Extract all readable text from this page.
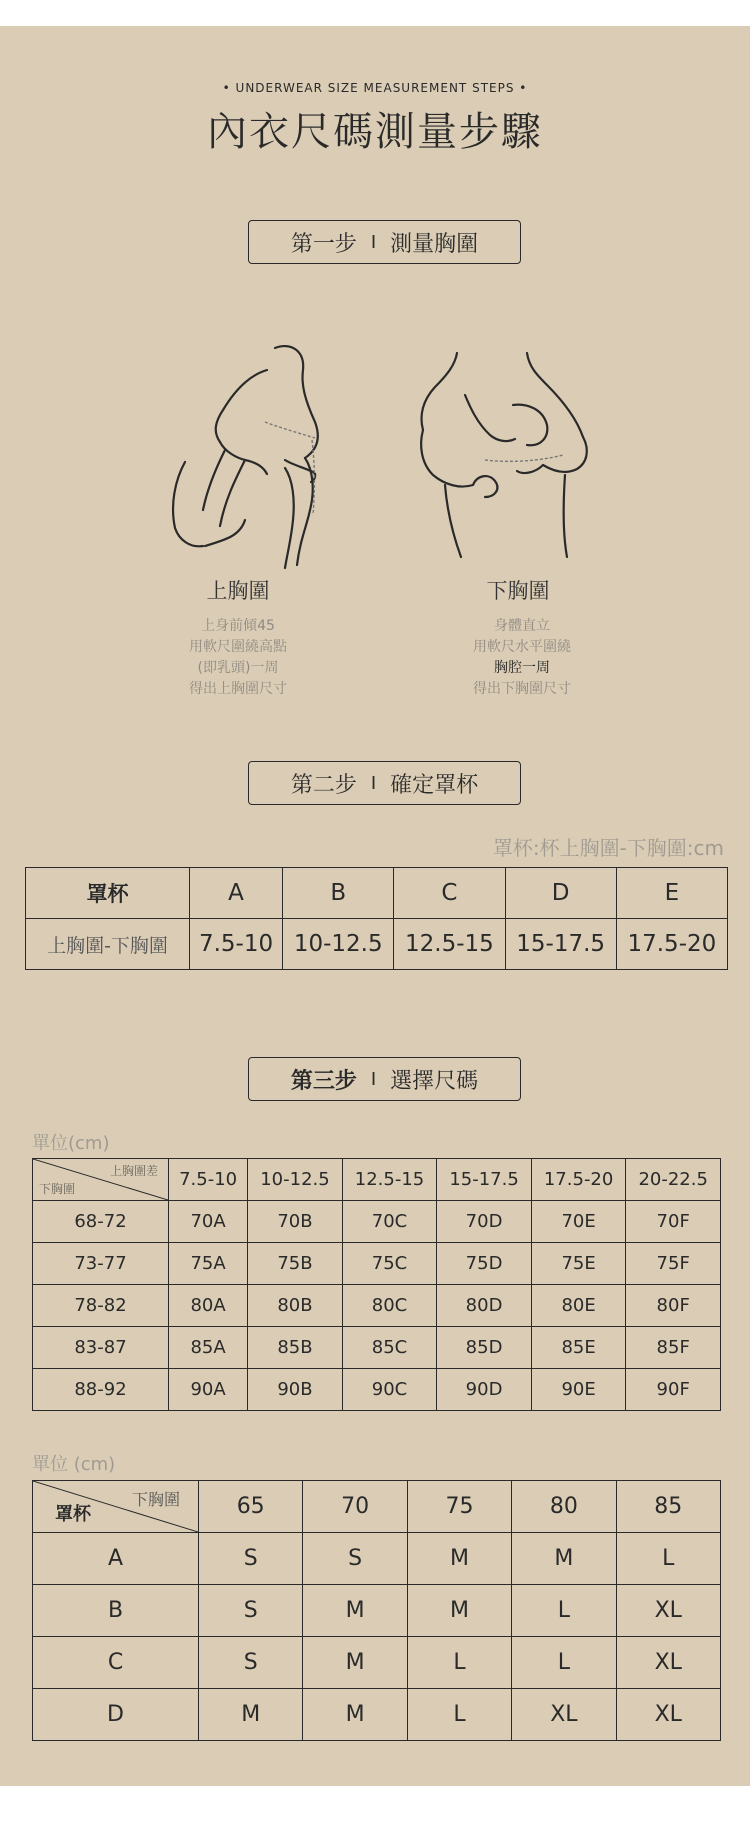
• UNDERWEAR SIZE MEASUREMENT STEPS •
內衣尺碼測量步驟
第一步 I 測量胸圍
上胸圍
上身前傾45
用軟尺圍繞高點
(即乳頭)一周
得出上胸圍尺寸
下胸圍
身體直立
用軟尺水平圍繞
胸腔一周
得出下胸圍尺寸
第二步 I 確定罩杯
罩杯:杯上胸圍-下胸圍:cm
罩杯	A	B	C	D	E
上胸圍-下胸圍	7.5-10	10-12.5	12.5-15	15-17.5	17.5-20
第三步 I 選擇尺碼
單位(cm)
上胸圍差
下胸圍	7.5-10	10-12.5	12.5-15	15-17.5	17.5-20	20-22.5
68-72	70A	70B	70C	70D	70E	70F
73-77	75A	75B	75C	75D	75E	75F
78-82	80A	80B	80C	80D	80E	80F
83-87	85A	85B	85C	85D	85E	85F
88-92	90A	90B	90C	90D	90E	90F
單位 (cm)
下胸圍
罩杯	65	70	75	80	85
A	S	S	M	M	L
B	S	M	M	L	XL
C	S	M	L	L	XL
D	M	M	L	XL	XL
